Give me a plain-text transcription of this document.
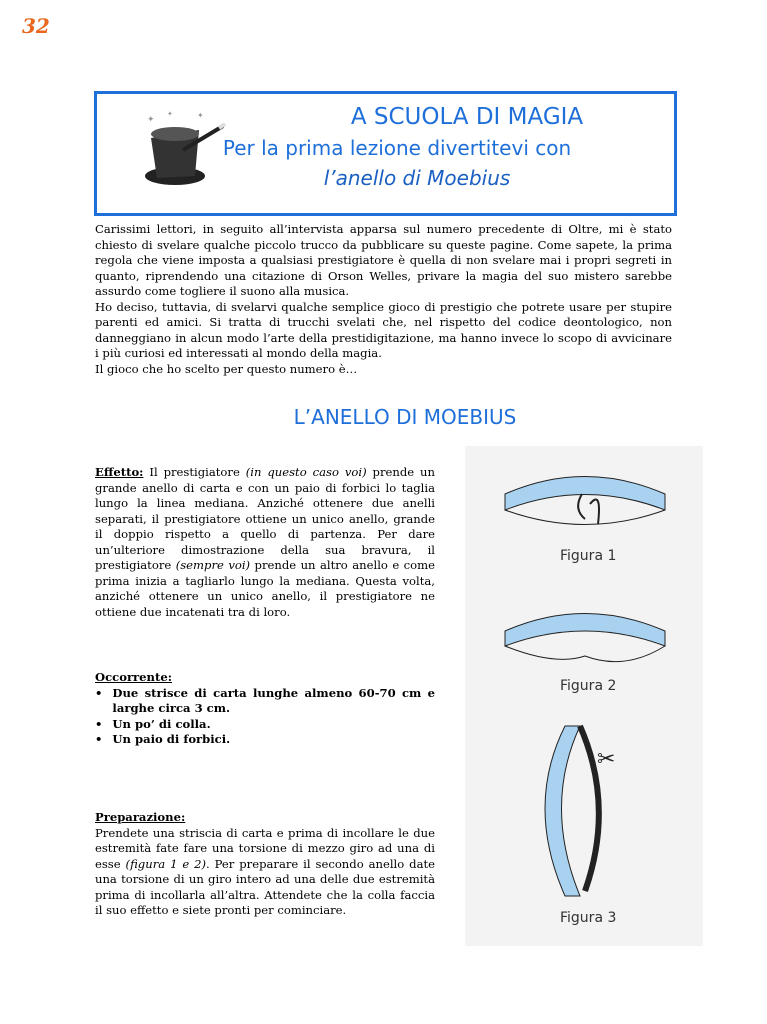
32
✦
✦	✦	A SCUOLA DI MAGIA
Per la prima lezione divertitevi con
l’anello di Moebius

Carissimi lettori, in seguito all’intervista apparsa sul numero precedente di Oltre, mi è stato chiesto di svelare qualche piccolo trucco da pubblicare su queste pagine. Come sapete, la prima regola che viene imposta a qualsiasi prestigiatore è quella di non svelare mai i propri segreti in quanto, riprendendo una citazione di Orson Welles, privare la magia del suo mistero sarebbe assurdo come togliere il suono alla musica.

Ho deciso, tuttavia, di svelarvi qualche semplice gioco di prestigio che potrete usare per stupire parenti ed amici. Si tratta di trucchi svelati che, nel rispetto del codice deontologico, non danneggiano in alcun modo l’arte della prestidigitazione, ma hanno invece lo scopo di avvicinare i più curiosi ed interessati al mondo della magia.

Il gioco che ho scelto per questo numero è…

L’ANELLO DI MOEBIUS

Effetto: Il prestigiatore (in questo caso voi) prende un grande anello di carta e con un paio di forbici lo taglia lungo la linea mediana. Anziché ottenere due anelli separati, il prestigiatore ottiene un unico anello, grande il doppio rispetto a quello di partenza. Per dare un’ulteriore dimostrazione della sua bravura, il prestigiatore (sempre voi) prende un altro anello e come prima inizia a tagliarlo lungo la mediana. Questa volta, anziché ottenere un unico anello, il prestigiatore ne ottiene due incatenati tra di loro.

Occorrente:

• Due strisce di carta lunghe almeno 60-70 cm e larghe circa 3 cm.

• Un po’ di colla.

• Un paio di forbici.

Preparazione:

Prendete una striscia di carta e prima di incollare le due estremità fate fare una torsione di mezzo giro ad una di esse (figura 1 e 2). Per preparare il secondo anello date una torsione di un giro intero ad una delle due estremità prima di incollarla all’altra. Attendete che la colla faccia il suo effetto e siete pronti per cominciare.

Figura 1
Figura 2
✂
Figura 3
